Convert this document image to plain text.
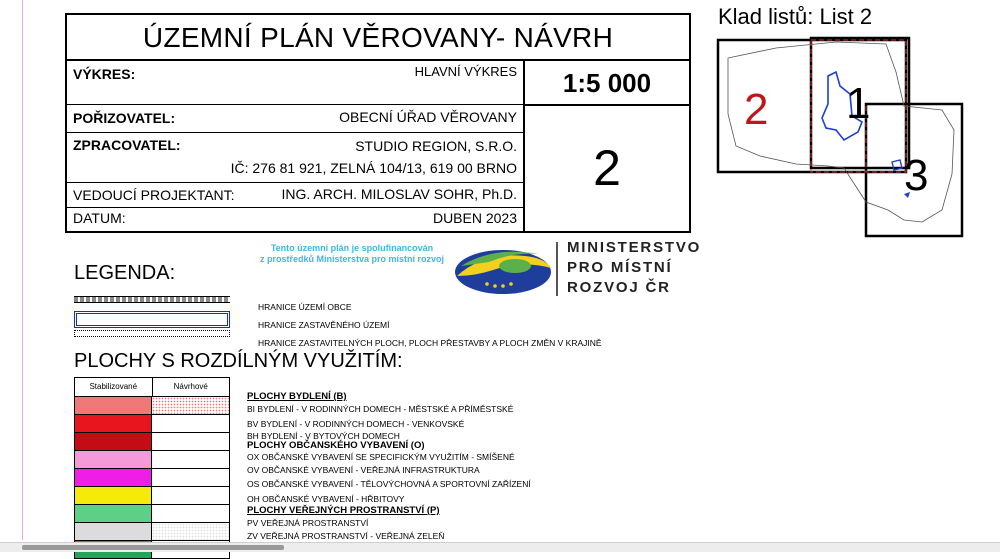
ÚZEMNÍ PLÁN VĚROVANY- NÁVRH
VÝKRES:	HLAVNÍ VÝKRES
POŘIZOVATEL:	OBECNÍ ÚŘAD VĚROVANY
ZPRACOVATEL:	STUDIO REGION, S.R.O.
IČ: 276 81 921, ZELNÁ 104/13, 619 00 BRNO
VEDOUCÍ PROJEKTANT:	ING. ARCH. MILOSLAV SOHR, Ph.D.
DATUM:	DUBEN 2023
1:5 000
2
Klad listů: List 2
2 1
3
LEGENDA:
Tento územní plán je spolufinancován
z prostředků Ministerstva pro místní rozvoj
MINISTERSTVO
PRO MÍSTNÍ
ROZVOJ ČR
HRANICE ÚZEMÍ OBCE
HRANICE ZASTAVĚNÉHO ÚZEMÍ
HRANICE ZASTAVITELNÝCH PLOCH, PLOCH PŘESTAVBY A PLOCH ZMĚN V KRAJINĚ
PLOCHY S ROZDÍLNÝM VYUŽITÍM:
Stabilizované	Návrhové
PLOCHY BYDLENÍ (B)
BI BYDLENÍ - V RODINNÝCH DOMECH - MĚSTSKÉ A PŘÍMĚSTSKÉ
BV BYDLENÍ - V RODINNÝCH DOMECH - VENKOVSKÉ
BH BYDLENÍ - V BYTOVÝCH DOMECH
PLOCHY OBČANSKÉHO VYBAVENÍ (O)
OX OBČANSKÉ VYBAVENÍ SE SPECIFICKÝM VYUŽITÍM - SMÍŠENÉ
OV OBČANSKÉ VYBAVENÍ - VEŘEJNÁ INFRASTRUKTURA
OS OBČANSKÉ VYBAVENÍ - TĚLOVÝCHOVNÁ A SPORTOVNÍ ZAŘÍZENÍ
OH OBČANSKÉ VYBAVENÍ - HŘBITOVY
PLOCHY VEŘEJNÝCH PROSTRANSTVÍ (P)
PV VEŘEJNÁ PROSTRANSTVÍ
ZV VEŘEJNÁ PROSTRANSTVÍ - VEŘEJNÁ ZELEŇ
